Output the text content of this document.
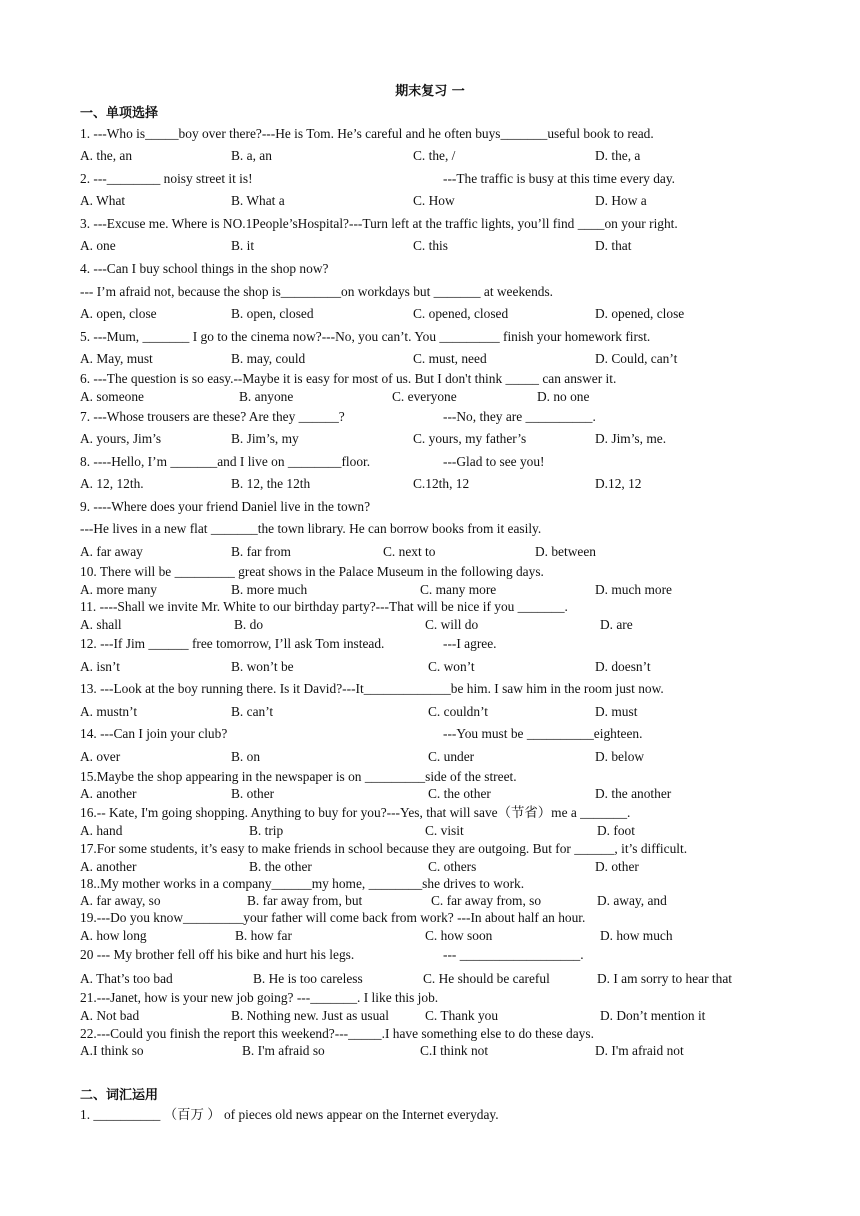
期末复习 一
一、单项选择
1. ---Who is_____boy over there?---He is Tom. He’s careful and he often buys_______useful book to read.
A. the, an	B. a, an	C. the, /	D. the, a
2. ---________ noisy street it is!	---The traffic is busy at this time every day.
A. What	B. What a	C. How	D. How a
3. ---Excuse me. Where is NO.1People’sHospital?---Turn left at the traffic lights, you’ll find ____on your right.
A. one	B. it	C. this	D. that
4. ---Can I buy school things in the shop now?
--- I’m afraid not, because the shop is_________on workdays but _______ at weekends.
A. open, close	B. open, closed	C. opened, closed	D. opened, close
5. ---Mum, _______ I go to the cinema now?---No, you can’t. You _________ finish your homework first.
A. May, must	B. may, could	C. must, need	D. Could, can’t
6. ---The question is so easy.--Maybe it is easy for most of us. But I don't think _____ can answer it.
A. someone	B. anyone	C. everyone	D. no one
7. ---Whose trousers are these? Are they ______?	---No, they are __________.
A. yours, Jim’s	B. Jim’s, my	C. yours, my father’s	D. Jim’s, me.
8. ----Hello, I’m _______and I live on ________floor.	---Glad to see you!
A. 12, 12th.	B. 12, the 12th	C.12th, 12	D.12, 12
9. ----Where does your friend Daniel live in the town?
---He lives in a new flat _______the town library. He can borrow books from it easily.
A. far away	B. far from	C. next to	D. between
10. There will be _________ great shows in the Palace Museum in the following days.
A. more many	B. more much	C. many more	D. much more
11. ----Shall we invite Mr. White to our birthday party?---That will be nice if you _______.
A. shall	B. do	C. will do	D. are
12. ---If Jim ______ free tomorrow, I’ll ask Tom instead.	---I agree.
A. isn’t	B. won’t be	C. won’t	D. doesn’t
13. ---Look at the boy running there. Is it David?---It_____________be him. I saw him in the room just now.
A. mustn’t	B. can’t	C. couldn’t	D. must
14. ---Can I join your club?	---You must be __________eighteen.
A. over	B. on	C. under	D. below
15.Maybe the shop appearing in the newspaper is on _________side of the street.
A. another	B. other	C. the other	D. the another
16.-- Kate, I'm going shopping. Anything to buy for you?---Yes, that will save（节省）me a _______.
A. hand	B. trip	C. visit	D. foot
17.For some students, it’s easy to make friends in school because they are outgoing. But for ______, it’s difficult.
A. another	B. the other	C. others	D. other
18..My mother works in a company______my home, ________she drives to work.
A. far away, so	B. far away from, but	C. far away from, so	D. away, and
19.---Do you know_________your father will come back from work? ---In about half an hour.
A. how long	B. how far	C. how soon	D. how much
20 --- My brother fell off his bike and hurt his legs.	--- __________________.
A. That’s too bad	B. He is too careless	C. He should be careful	D. I am sorry to hear that
21.---Janet, how is your new job going? ---_______. I like this job.
A. Not bad	B. Nothing new. Just as usual	C. Thank you	D. Don’t mention it
22.---Could you finish the report this weekend?---_____.I have something else to do these days.
A.I think so	B. I'm afraid so	C.I think not	D. I'm afraid not
二、词汇运用
1. __________ （百万 ） of pieces old news appear on the Internet everyday.
